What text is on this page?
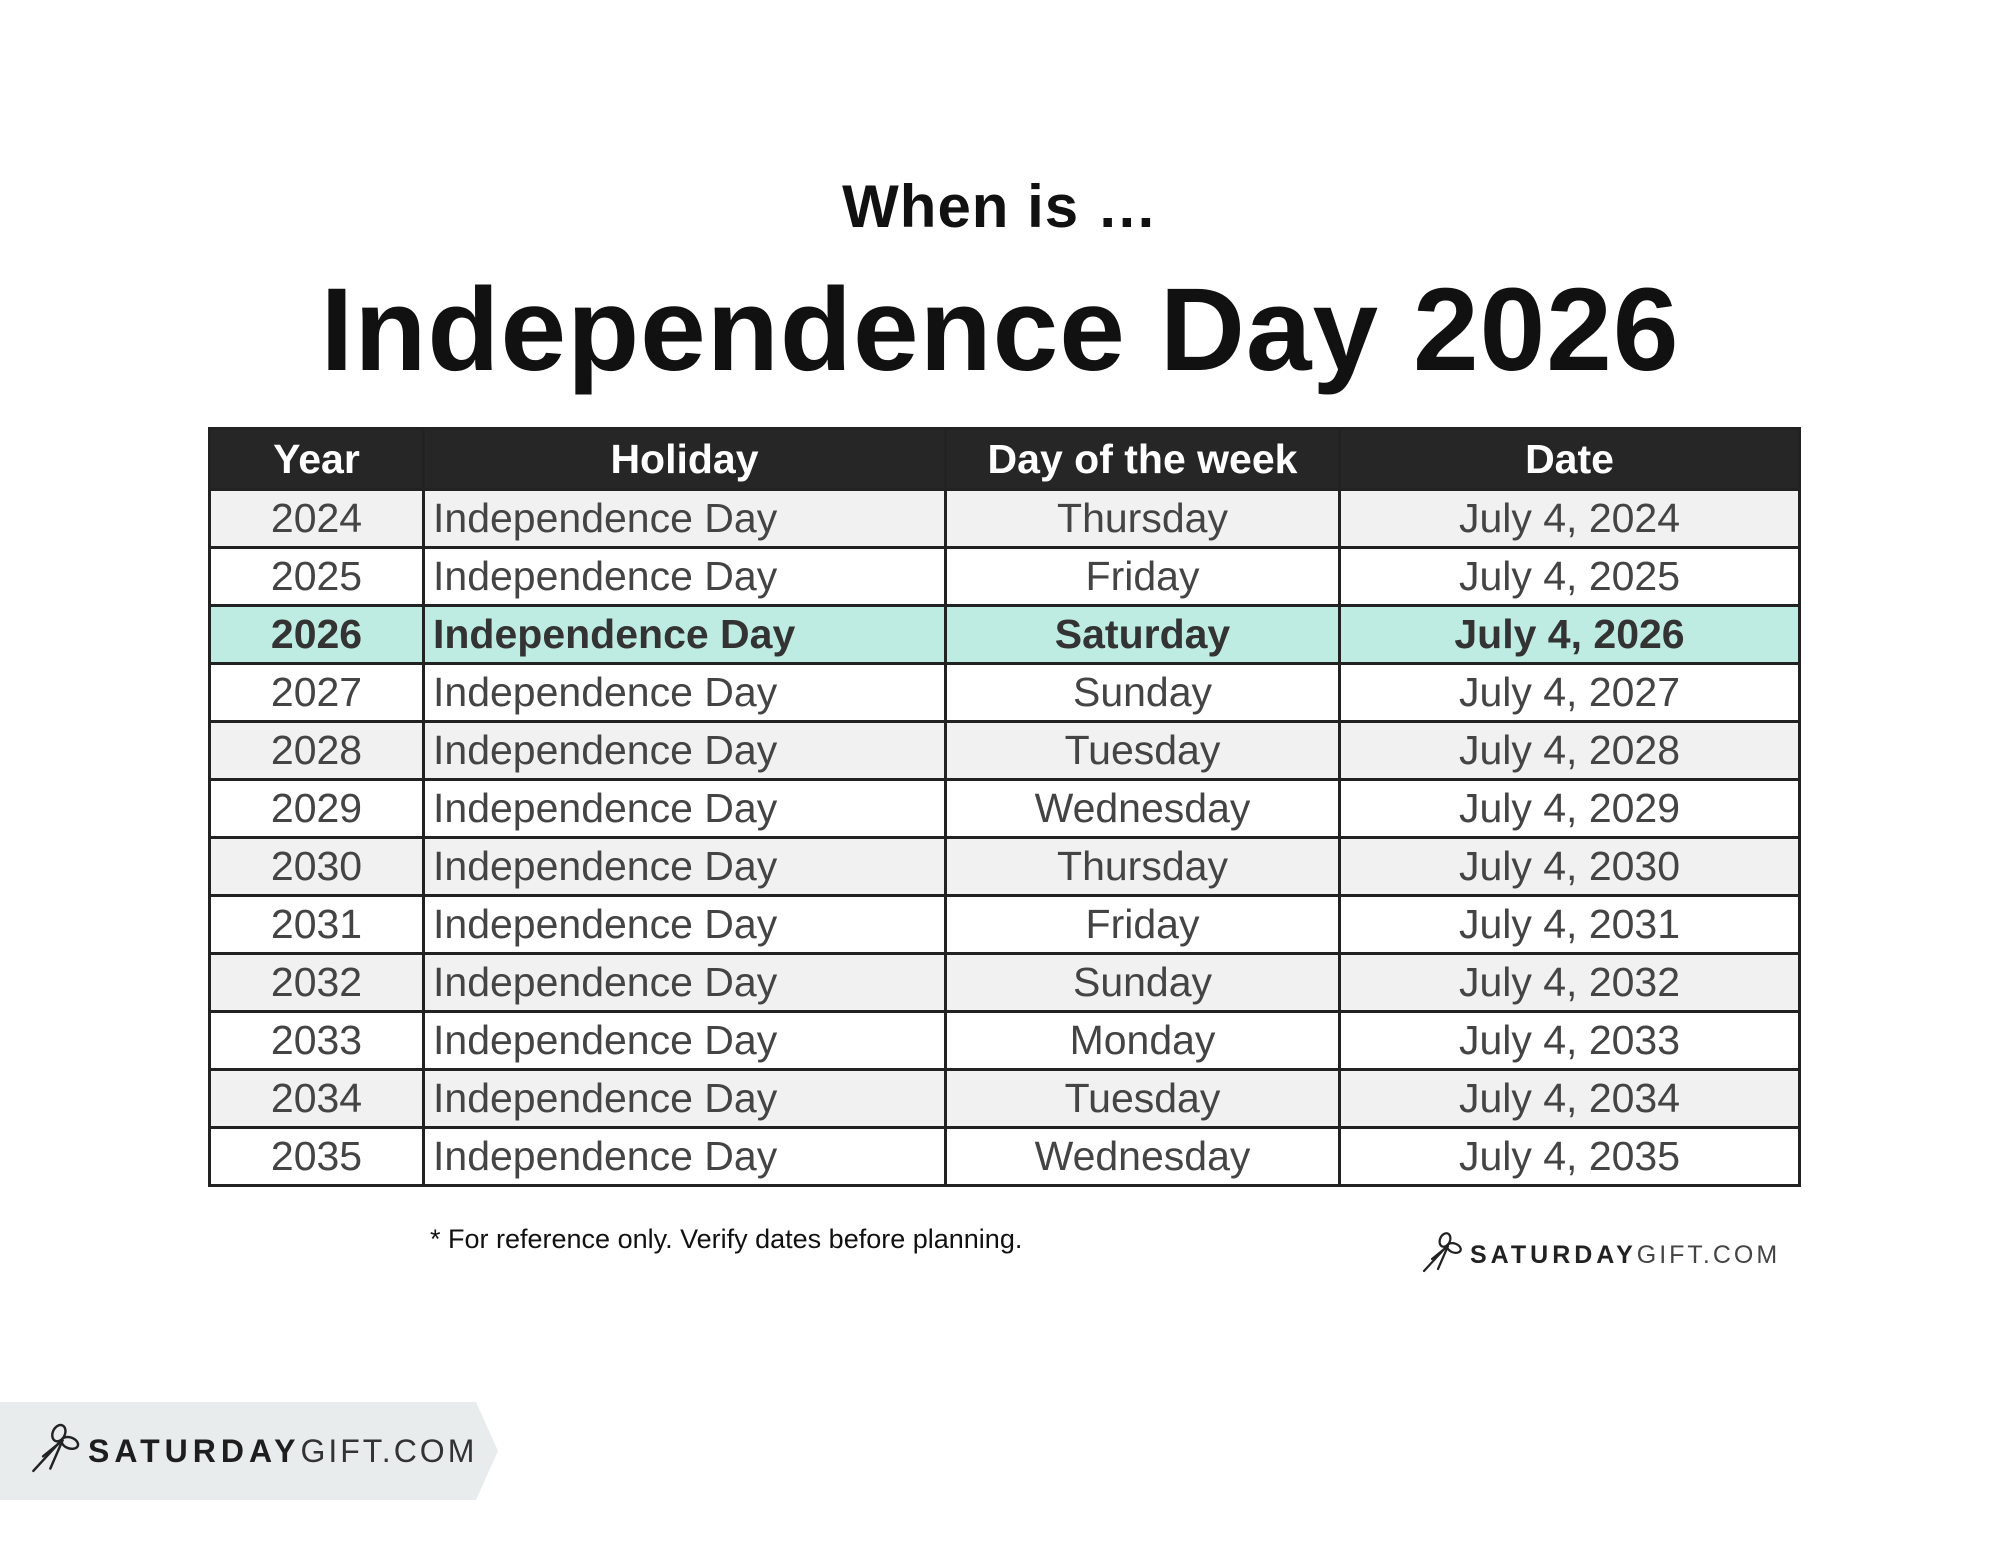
When is …
Independence Day 2026
Year	Holiday	Day of the week	Date
2024	Independence Day	Thursday	July 4, 2024
2025	Independence Day	Friday	July 4, 2025
2026	Independence Day	Saturday	July 4, 2026
2027	Independence Day	Sunday	July 4, 2027
2028	Independence Day	Tuesday	July 4, 2028
2029	Independence Day	Wednesday	July 4, 2029
2030	Independence Day	Thursday	July 4, 2030
2031	Independence Day	Friday	July 4, 2031
2032	Independence Day	Sunday	July 4, 2032
2033	Independence Day	Monday	July 4, 2033
2034	Independence Day	Tuesday	July 4, 2034
2035	Independence Day	Wednesday	July 4, 2035
* For reference only. Verify dates before planning.
SATURDAY GIFT.COM
SATURDAY GIFT.COM
